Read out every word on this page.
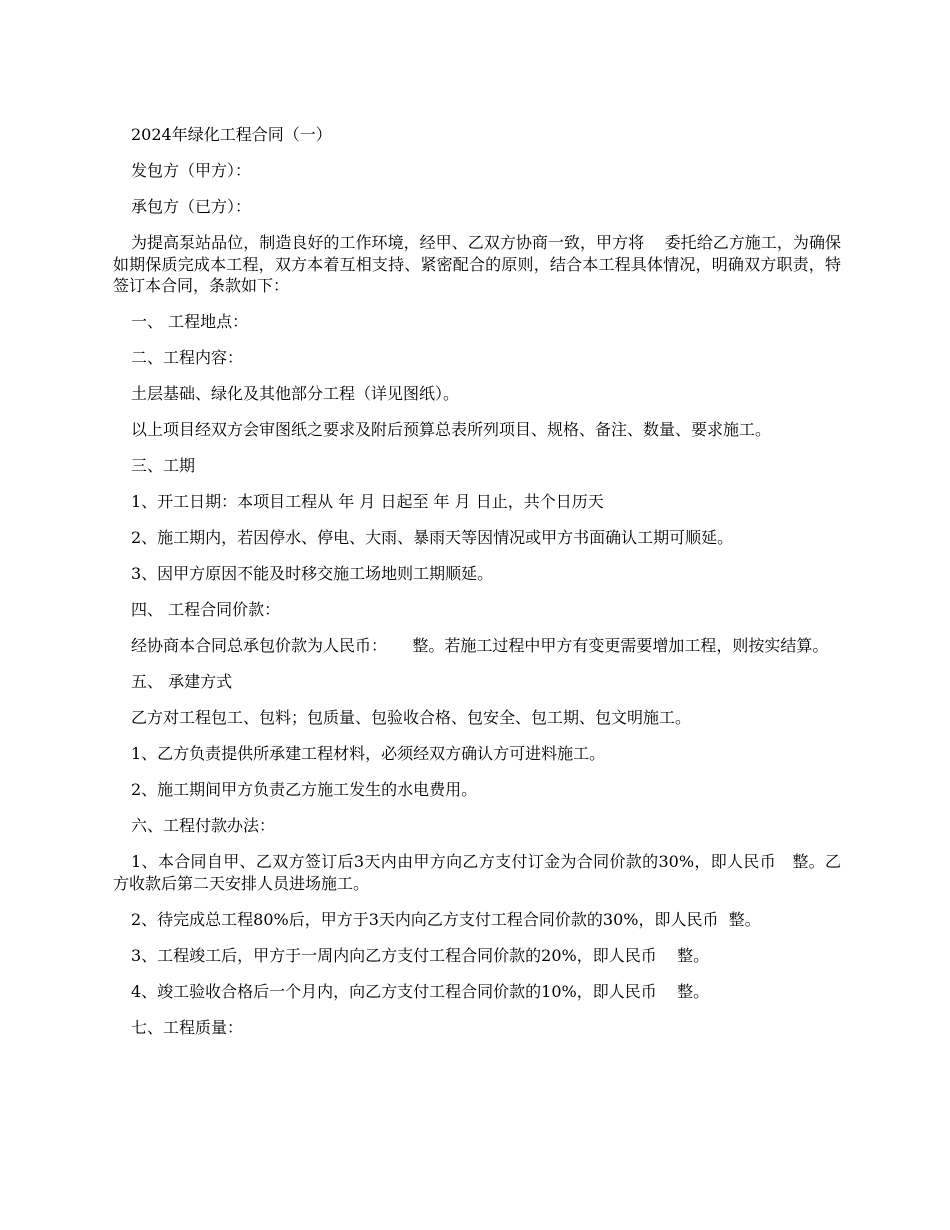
2024年绿化工程合同（一）

发包方（甲方）：

承包方（已方）：

为提高泵站品位，制造良好的工作环境，经甲、乙双方协商一致，甲方将    委托给乙方施工，为确保如期保质完成本工程，双方本着互相支持、紧密配合的原则，结合本工程具体情况，明确双方职责，特签订本合同，条款如下：

一、 工程地点：

二、工程内容：

土层基础、绿化及其他部分工程（详见图纸）。

以上项目经双方会审图纸之要求及附后预算总表所列项目、规格、备注、数量、要求施工。

三、工期

1、开工日期：本项目工程从 年 月 日起至 年 月 日止，共个日历天

2、施工期内，若因停水、停电、大雨、暴雨天等因情况或甲方书面确认工期可顺延。

3、因甲方原因不能及时移交施工场地则工期顺延。

四、 工程合同价款：

经协商本合同总承包价款为人民币：     整。若施工过程中甲方有变更需要增加工程，则按实结算。

五、 承建方式

乙方对工程包工、包料；包质量、包验收合格、包安全、包工期、包文明施工。

1、乙方负责提供所承建工程材料，必须经双方确认方可进料施工。

2、施工期间甲方负责乙方施工发生的水电费用。

六、工程付款办法：

1、本合同自甲、乙双方签订后3天内由甲方向乙方支付订金为合同价款的30%，即人民币   整。乙方收款后第二天安排人员进场施工。

2、待完成总工程80%后，甲方于3天内向乙方支付工程合同价款的30%，即人民币  整。

3、工程竣工后，甲方于一周内向乙方支付工程合同价款的20%，即人民币    整。

4、竣工验收合格后一个月内，向乙方支付工程合同价款的10%，即人民币    整。

七、工程质量：
